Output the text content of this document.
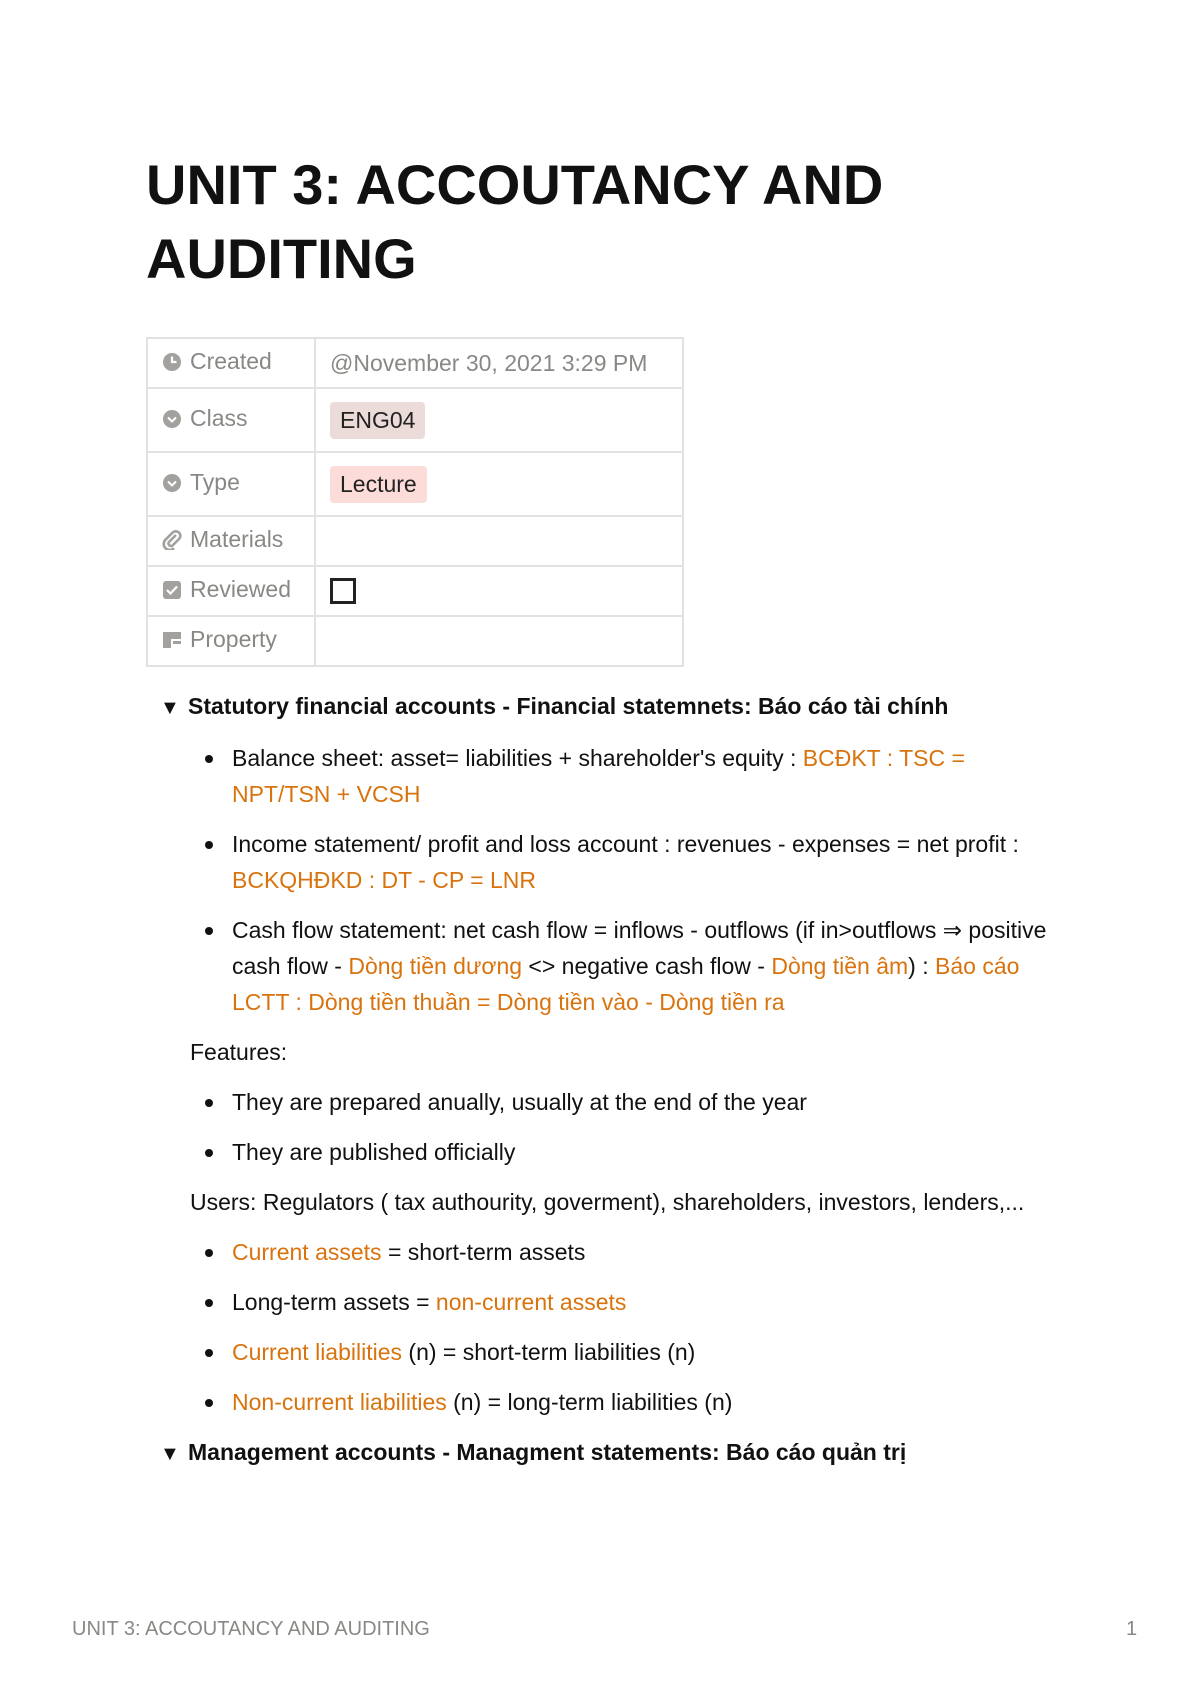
UNIT 3: ACCOUTANCY AND AUDITING
Created	@November 30, 2021 3:29 PM
Class	ENG04
Type	Lecture
Materials	
Reviewed	
Property	
▼ Statutory financial accounts - Financial statemnets: Báo cáo tài chính
Balance sheet: asset= liabilities + shareholder's equity : BCĐKT : TSC = NPT/TSN + VCSH
Income statement/ profit and loss account : revenues - expenses = net profit : BCKQHĐKD : DT - CP = LNR
Cash flow statement: net cash flow = inflows - outflows (if in>outflows ⇒ positive cash flow - Dòng tiền dương <> negative cash flow - Dòng tiền âm) : Báo cáo LCTT : Dòng tiền thuần = Dòng tiền vào - Dòng tiền ra

Features:

They are prepared anually, usually at the end of the year
They are published officially

Users: Regulators ( tax authourity, goverment), shareholders, investors, lenders,...

Current assets = short-term assets
Long-term assets = non-current assets
Current liabilities (n) = short-term liabilities (n)
Non-current liabilities (n) = long-term liabilities (n)
▼ Management accounts - Managment statements: Báo cáo quản trị
UNIT 3: ACCOUTANCY AND AUDITING	1
